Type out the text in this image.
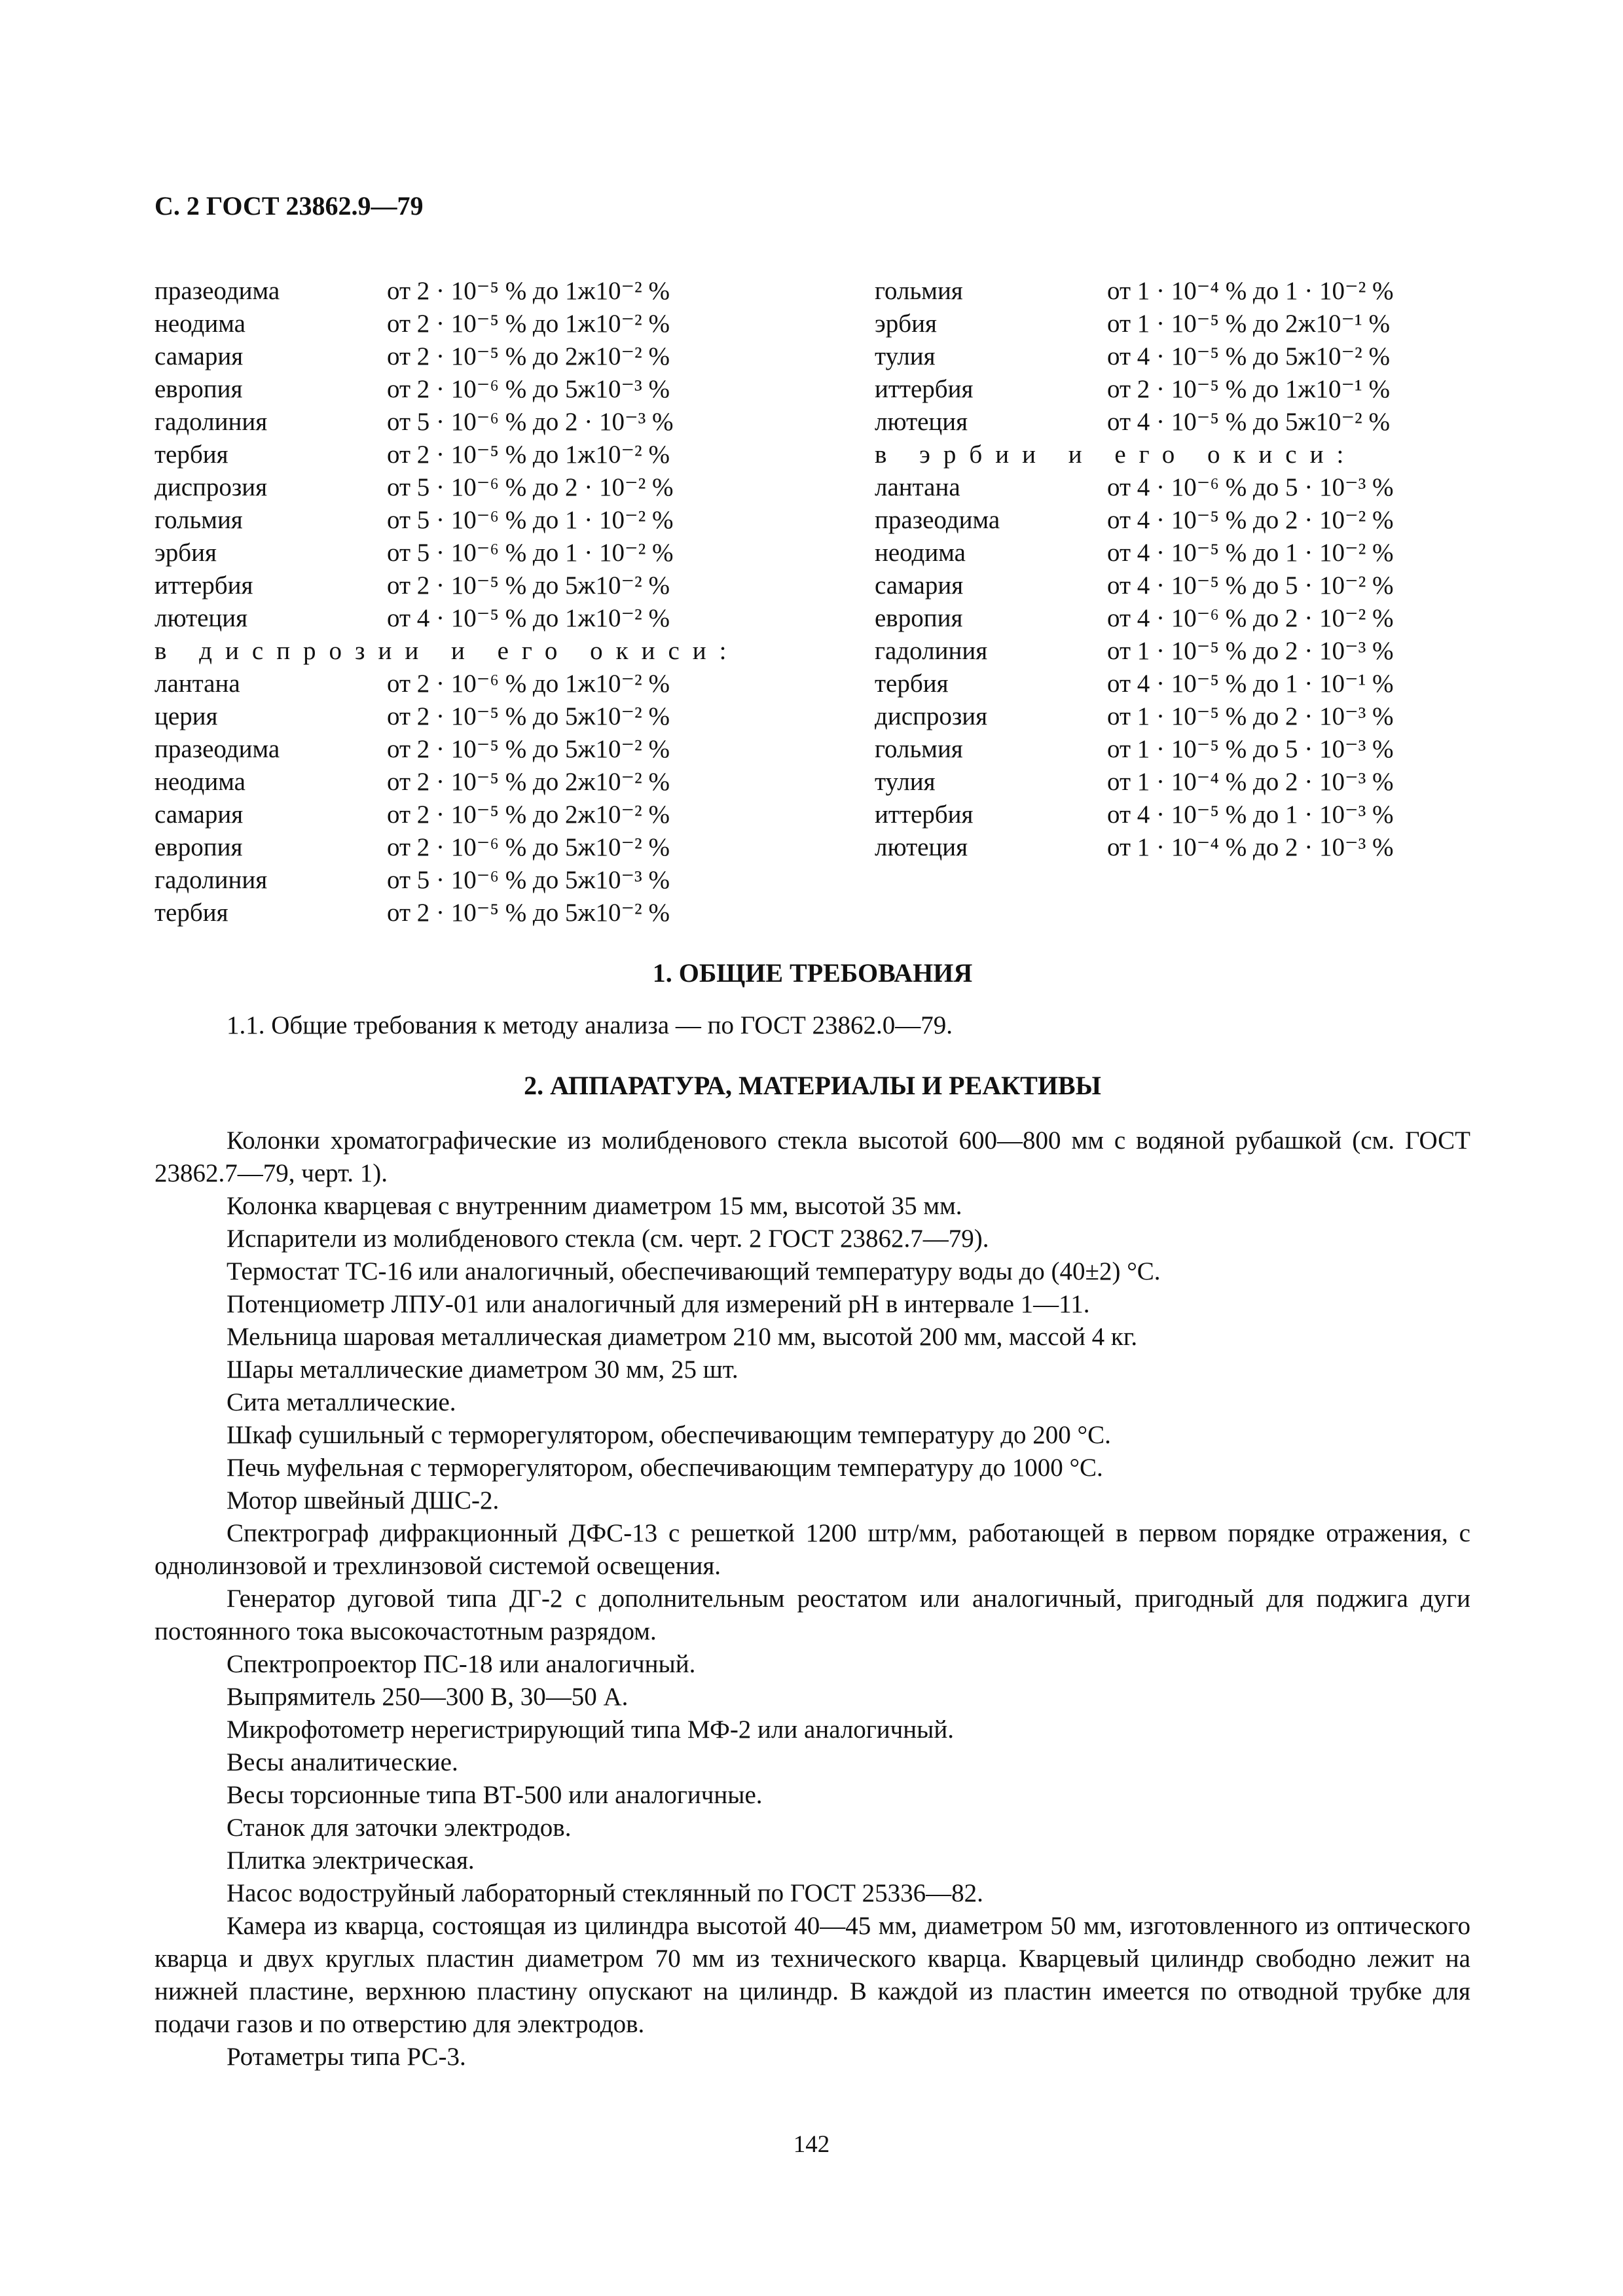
С. 2 ГОСТ 23862.9—79
празеодима	от 2 · 10⁻⁵ % до 1ж10⁻² %
неодима	от 2 · 10⁻⁵ % до 1ж10⁻² %
самария	от 2 · 10⁻⁵ % до 2ж10⁻² %
европия	от 2 · 10⁻⁶ % до 5ж10⁻³ %
гадолиния	от 5 · 10⁻⁶ % до 2 · 10⁻³ %
тербия	от 2 · 10⁻⁵ % до 1ж10⁻² %
диспрозия	от 5 · 10⁻⁶ % до 2 · 10⁻² %
гольмия	от 5 · 10⁻⁶ % до 1 · 10⁻² %
эрбия	от 5 · 10⁻⁶ % до 1 · 10⁻² %
иттербия	от 2 · 10⁻⁵ % до 5ж10⁻² %
лютеция	от 4 · 10⁻⁵ % до 1ж10⁻² %
в диспрозии и его окиси:
лантана	от 2 · 10⁻⁶ % до 1ж10⁻² %
церия	от 2 · 10⁻⁵ % до 5ж10⁻² %
празеодима	от 2 · 10⁻⁵ % до 5ж10⁻² %
неодима	от 2 · 10⁻⁵ % до 2ж10⁻² %
самария	от 2 · 10⁻⁵ % до 2ж10⁻² %
европия	от 2 · 10⁻⁶ % до 5ж10⁻² %
гадолиния	от 5 · 10⁻⁶ % до 5ж10⁻³ %
тербия	от 2 · 10⁻⁵ % до 5ж10⁻² %
гольмия	от 1 · 10⁻⁴ % до 1 · 10⁻² %
эрбия	от 1 · 10⁻⁵ % до 2ж10⁻¹ %
тулия	от 4 · 10⁻⁵ % до 5ж10⁻² %
иттербия	от 2 · 10⁻⁵ % до 1ж10⁻¹ %
лютеция	от 4 · 10⁻⁵ % до 5ж10⁻² %
в эрбии и его окиси:
лантана	от 4 · 10⁻⁶ % до 5 · 10⁻³ %
празеодима	от 4 · 10⁻⁵ % до 2 · 10⁻² %
неодима	от 4 · 10⁻⁵ % до 1 · 10⁻² %
самария	от 4 · 10⁻⁵ % до 5 · 10⁻² %
европия	от 4 · 10⁻⁶ % до 2 · 10⁻² %
гадолиния	от 1 · 10⁻⁵ % до 2 · 10⁻³ %
тербия	от 4 · 10⁻⁵ % до 1 · 10⁻¹ %
диспрозия	от 1 · 10⁻⁵ % до 2 · 10⁻³ %
гольмия	от 1 · 10⁻⁵ % до 5 · 10⁻³ %
тулия	от 1 · 10⁻⁴ % до 2 · 10⁻³ %
иттербия	от 4 · 10⁻⁵ % до 1 · 10⁻³ %
лютеция	от 1 · 10⁻⁴ % до 2 · 10⁻³ %
1. ОБЩИЕ ТРЕБОВАНИЯ

1.1. Общие требования к методу анализа — по ГОСТ 23862.0—79.

2. АППАРАТУРА, МАТЕРИАЛЫ И РЕАКТИВЫ

Колонки хроматографические из молибденового стекла высотой 600—800 мм с водяной рубашкой (см. ГОСТ 23862.7—79, черт. 1).

Колонка кварцевая с внутренним диаметром 15 мм, высотой 35 мм.

Испарители из молибденового стекла (см. черт. 2 ГОСТ 23862.7—79).

Термостат ТС-16 или аналогичный, обеспечивающий температуру воды до (40±2) °С.

Потенциометр ЛПУ-01 или аналогичный для измерений рН в интервале 1—11.

Мельница шаровая металлическая диаметром 210 мм, высотой 200 мм, массой 4 кг.

Шары металлические диаметром 30 мм, 25 шт.

Сита металлические.

Шкаф сушильный с терморегулятором, обеспечивающим температуру до 200 °С.

Печь муфельная с терморегулятором, обеспечивающим температуру до 1000 °С.

Мотор швейный ДШС-2.

Спектрограф дифракционный ДФС-13 с решеткой 1200 штр/мм, работающей в первом порядке отражения, с однолинзовой и трехлинзовой системой освещения.

Генератор дуговой типа ДГ-2 с дополнительным реостатом или аналогичный, пригодный для поджига дуги постоянного тока высокочастотным разрядом.

Спектропроектор ПС-18 или аналогичный.

Выпрямитель 250—300 В, 30—50 А.

Микрофотометр нерегистрирующий типа МФ-2 или аналогичный.

Весы аналитические.

Весы торсионные типа ВТ-500 или аналогичные.

Станок для заточки электродов.

Плитка электрическая.

Насос водоструйный лабораторный стеклянный по ГОСТ 25336—82.

Камера из кварца, состоящая из цилиндра высотой 40—45 мм, диаметром 50 мм, изготовленного из оптического кварца и двух круглых пластин диаметром 70 мм из технического кварца. Кварцевый цилиндр свободно лежит на нижней пластине, верхнюю пластину опускают на цилиндр. В каждой из пластин имеется по отводной трубке для подачи газов и по отверстию для электродов.

Ротаметры типа РС-3.

142
